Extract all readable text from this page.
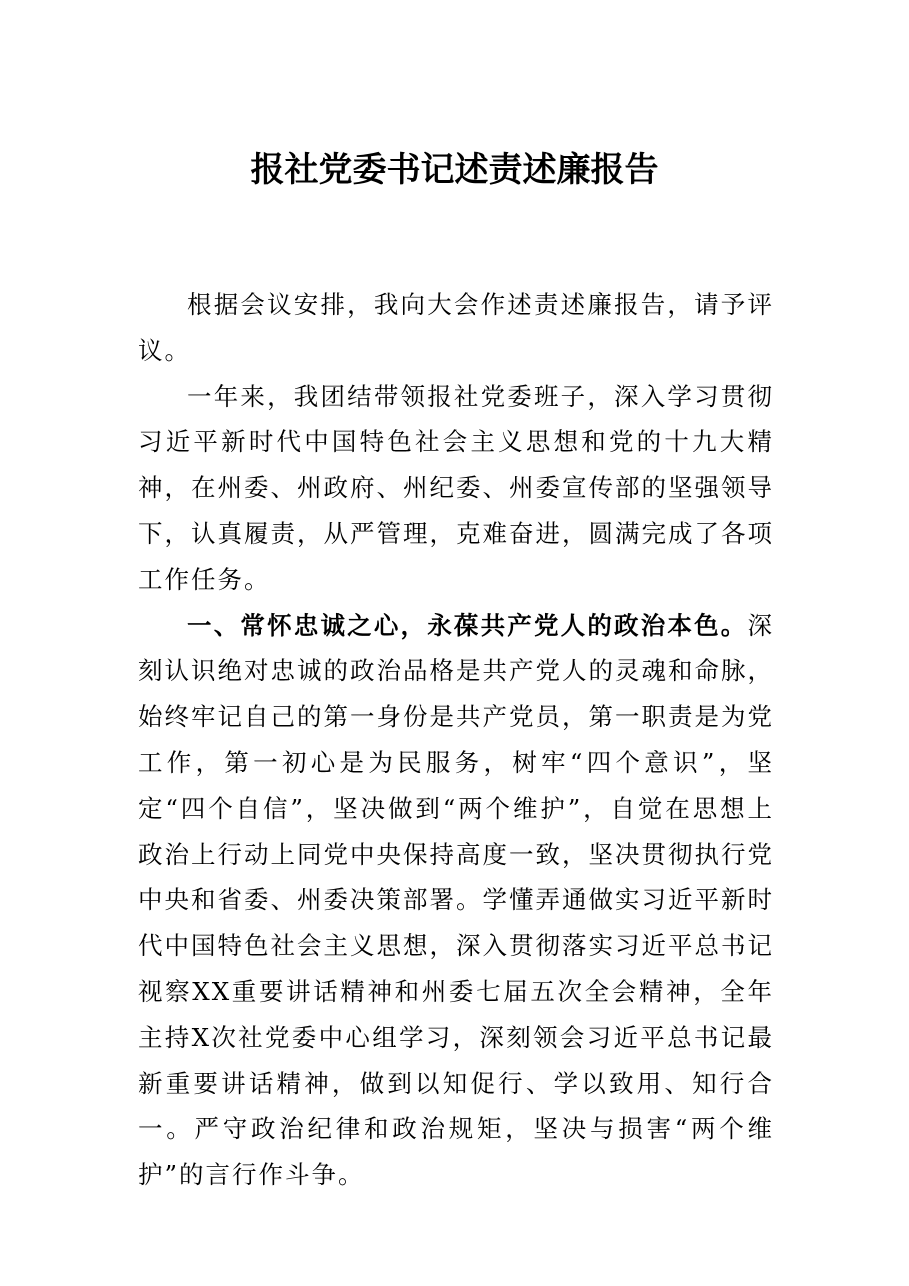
报社党委书记述责述廉报告

根据会议安排，我向大会作述责述廉报告，请予评议。

一年来，我团结带领报社党委班子，深入学习贯彻习近平新时代中国特色社会主义思想和党的十九大精神，在州委、州政府、州纪委、州委宣传部的坚强领导下，认真履责，从严管理，克难奋进，圆满完成了各项工作任务。

一、常怀忠诚之心，永葆共产党人的政治本色。深刻认识绝对忠诚的政治品格是共产党人的灵魂和命脉，始终牢记自己的第一身份是共产党员，第一职责是为党工作，第一初心是为民服务，树牢“四个意识”，坚定“四个自信”，坚决做到“两个维护”，自觉在思想上政治上行动上同党中央保持高度一致，坚决贯彻执行党中央和省委、州委决策部署。学懂弄通做实习近平新时代中国特色社会主义思想，深入贯彻落实习近平总书记视察XX重要讲话精神和州委七届五次全会精神，全年主持X次社党委中心组学习，深刻领会习近平总书记最新重要讲话精神，做到以知促行、学以致用、知行合一。严守政治纪律和政治规矩，坚决与损害“两个维护”的言行作斗争。
